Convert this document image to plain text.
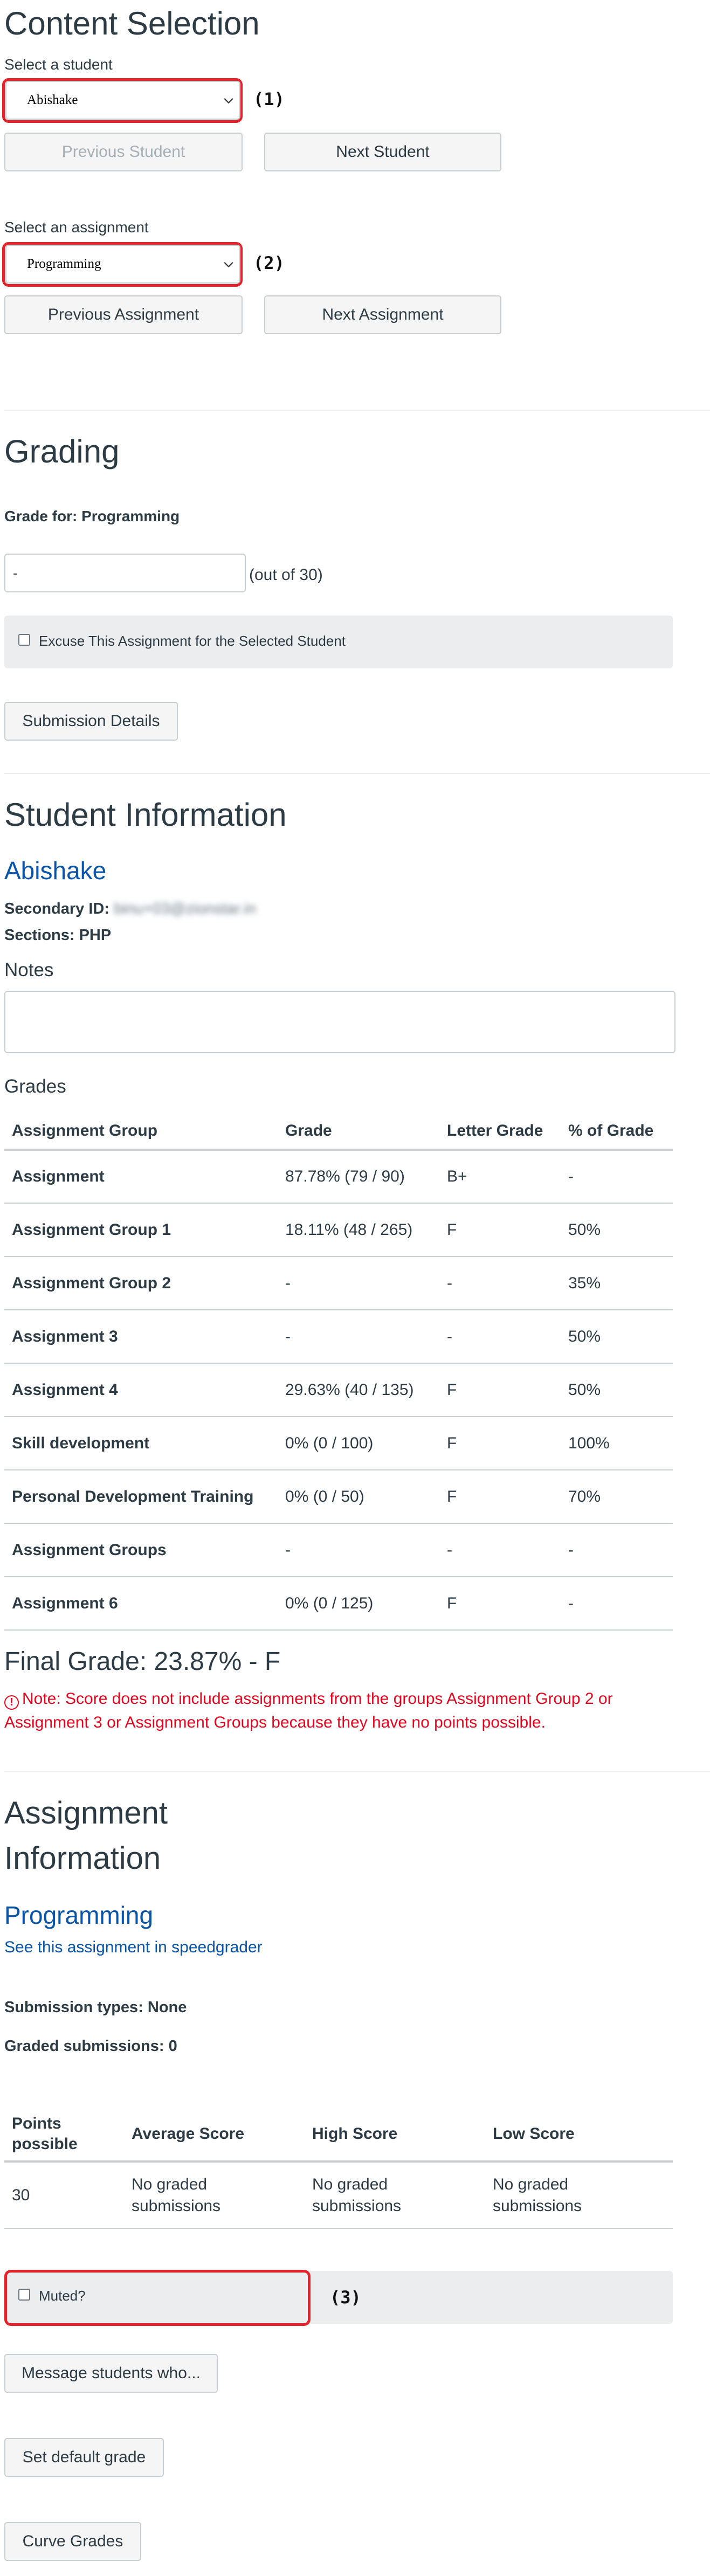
Content Selection
Select a student
Abishake	(1)
Previous Student	Next Student
Select an assignment
Programming	(2)
Previous Assignment	Next Assignment
Grading
Grade for: Programming
-	(out of 30)
Excuse This Assignment for the Selected Student
Submission Details
Student Information
Abishake
Secondary ID: binu+03@zionstar.in
Sections: PHP
Notes
Grades
Assignment Group	Grade	Letter Grade	% of Grade
Assignment	87.78% (79 / 90)	B+	-
Assignment Group 1	18.11% (48 / 265)	F	50%
Assignment Group 2	-	-	35%
Assignment 3	-	-	50%
Assignment 4	29.63% (40 / 135)	F	50%
Skill development	0% (0 / 100)	F	100%
Personal Development Training	0% (0 / 50)	F	70%
Assignment Groups	-	-	-
Assignment 6	0% (0 / 125)	F	-
Final Grade: 23.87% - F
! Note: Score does not include assignments from the groups Assignment Group 2 or Assignment 3 or Assignment Groups because they have no points possible.
Assignment
Information
Programming
See this assignment in speedgrader
Submission types: None
Graded submissions: 0
Points possible	Average Score	High Score	Low Score
30	No graded submissions	No graded submissions	No graded submissions
Muted?	(3)
Message students who...
Set default grade
Curve Grades
